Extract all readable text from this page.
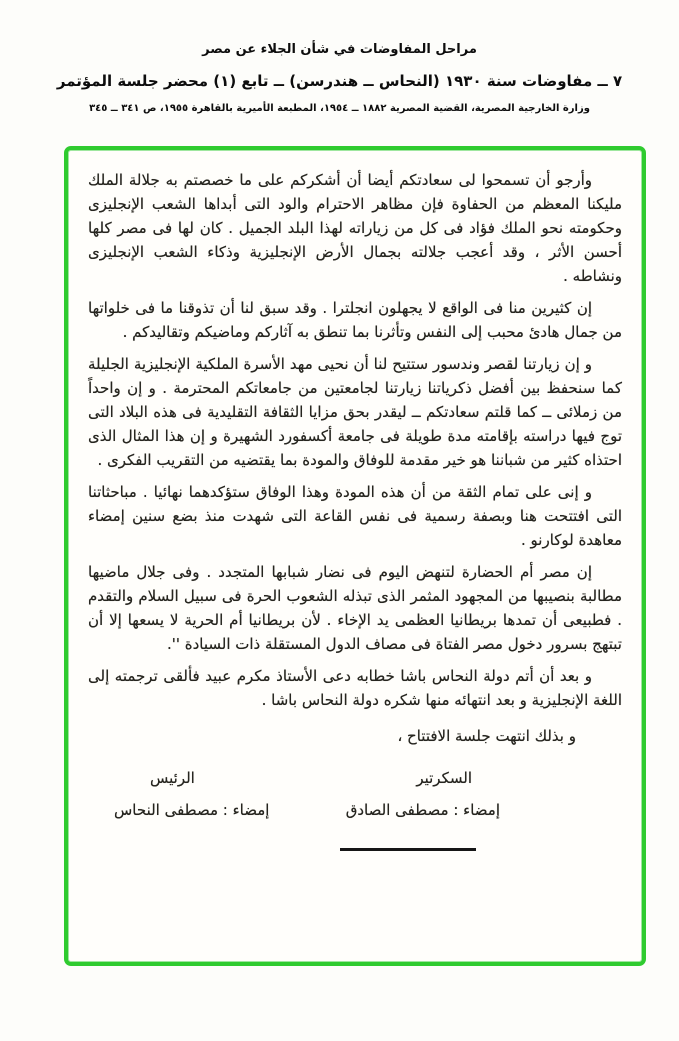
مراحل المفاوضات في شأن الجلاء عن مصر
٧ ــ مفاوضات سنة ١٩٣٠ (النحاس ــ هندرسن) ــ تابع (١) محضر جلسة المؤتمر
وزارة الخارجية المصرية، القضية المصرية ١٨٨٢ ــ ١٩٥٤، المطبعة الأميرية بالقاهرة ١٩٥٥، ص ٣٤١ ــ ٣٤٥

وأرجو أن تسمحوا لى سعادتكم أيضا أن أشكركم على ما خصصتم به جلالة الملك مليكنا المعظم من الحفاوة فإن مظاهر الاحترام والود التى أبداها الشعب الإنجليزى وحكومته نحو الملك فؤاد فى كل من زياراته لهذا البلد الجميل . كان لها فى مصر كلها أحسن الأثر ، وقد أعجب جلالته بجمال الأرض الإنجليزية وذكاء الشعب الإنجليزى ونشاطه .

إن كثيرين منا فى الواقع لا يجهلون انجلترا . وقد سبق لنا أن تذوقنا ما فى خلواتها من جمال هادئ محبب إلى النفس وتأثرنا بما تنطق به آثاركم وماضيكم وتقاليدكم .

و إن زيارتنا لقصر وندسور ستتيح لنا أن نحيى مهد الأسرة الملكية الإنجليزية الجليلة كما سنحفظ بين أفضل ذكرياتنا زيارتنا لجامعتين من جامعاتكم المحترمة . و إن واحداً من زملائى ــ كما قلتم سعادتكم ــ ليقدر بحق مزايا الثقافة التقليدية فى هذه البلاد التى توج فيها دراسته بإقامته مدة طويلة فى جامعة أكسفورد الشهيرة و إن هذا المثال الذى احتذاه كثير من شباننا هو خير مقدمة للوفاق والمودة بما يقتضيه من التقريب الفكرى .

و إنى على تمام الثقة من أن هذه المودة وهذا الوفاق ستؤكدهما نهائيا . مباحثاتنا التى افتتحت هنا وبصفة رسمية فى نفس القاعة التى شهدت منذ بضع سنين إمضاء معاهدة لوكارنو .

إن مصر أم الحضارة لتنهض اليوم فى نضار شبابها المتجدد . وفى جلال ماضيها مطالبة بنصيبها من المجهود المثمر الذى تبذله الشعوب الحرة فى سبيل السلام والتقدم . فطبيعى أن تمدها بريطانيا العظمى يد الإخاء . لأن بريطانيا أم الحرية لا يسعها إلا أن تبتهج بسرور دخول مصر الفتاة فى مصاف الدول المستقلة ذات السيادة ''.

و بعد أن أتم دولة النحاس باشا خطابه دعى الأستاذ مكرم عبيد فألقى ترجمته إلى اللغة الإنجليزية و بعد انتهائه منها شكره دولة النحاس باشا .

و بذلك انتهت جلسة الافتتاح ،

السكرتير
الرئيس
إمضاء : مصطفى الصادق
إمضاء : مصطفى النحاس
